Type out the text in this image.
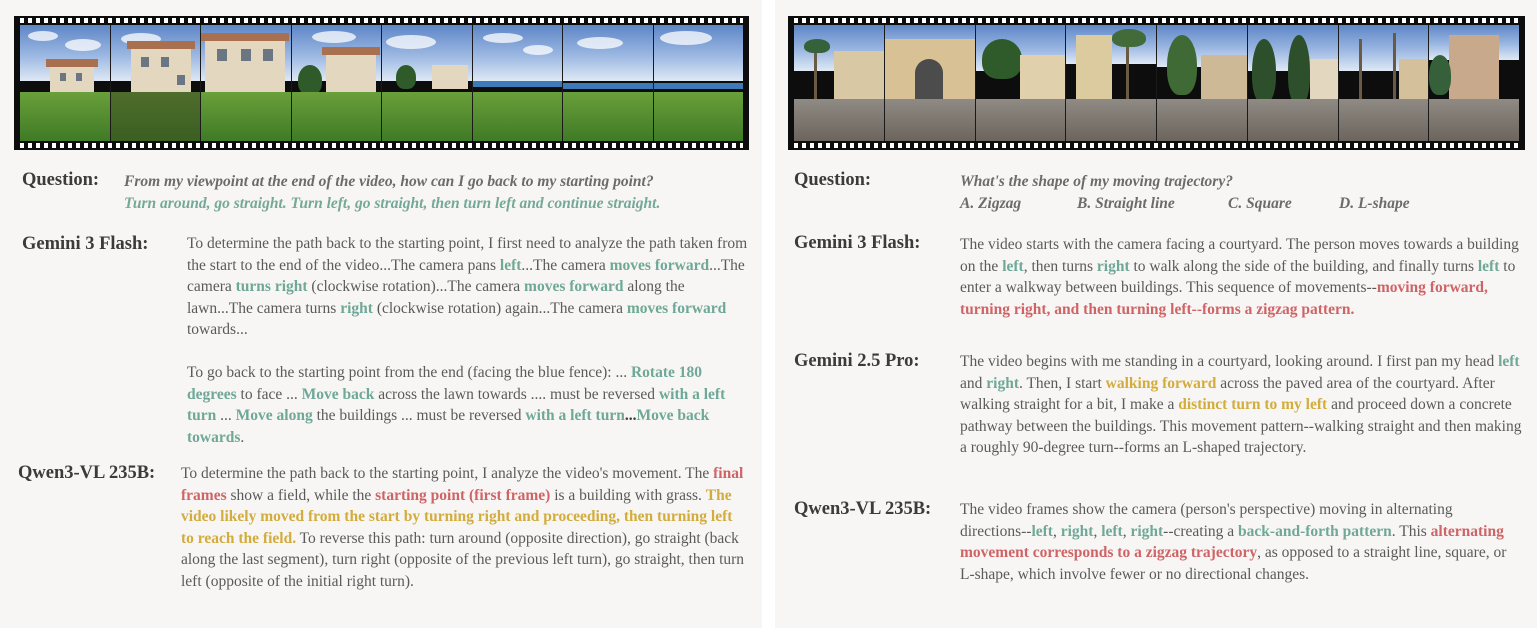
Question: From my viewpoint at the end of the video, how can I go back to my starting point?
Turn around, go straight. Turn left, go straight, then turn left and continue straight.
Gemini 3 Flash: To determine the path back to the starting point, I first need to analyze the path taken from the start to the end of the video...The camera pans left...The camera moves forward...The camera turns right (clockwise rotation)...The camera moves forward along the lawn...The camera turns right (clockwise rotation) again...The camera moves forward towards...

To go back to the starting point from the end (facing the blue fence): ... Rotate 180 degrees to face ... Move back across the lawn towards .... must be reversed with a left turn ... Move along the buildings ... must be reversed with a left turn...Move back towards.

Qwen3-VL 235B: To determine the path back to the starting point, I analyze the video's movement. The final frames show a field, while the starting point (first frame) is a building with grass. The video likely moved from the start by turning right and proceeding, then turning left to reach the field. To reverse this path: turn around (opposite direction), go straight (back along the last segment), turn right (opposite of the previous left turn), go straight, then turn left (opposite of the initial right turn).

Question:	What's the shape of my moving trajectory?
A. Zigzag	B. Straight line	C. Square	D. L-shape
Gemini 3 Flash:	The video starts with the camera facing a courtyard. The person moves towards a building on the left, then turns right to walk along the side of the building, and finally turns left to enter a walkway between buildings. This sequence of movements--moving forward, turning right, and then turning left--forms a zigzag pattern.

Gemini 2.5 Pro:	The video begins with me standing in a courtyard, looking around. I first pan my head left and right. Then, I start walking forward across the paved area of the courtyard. After walking straight for a bit, I make a distinct turn to my left and proceed down a concrete pathway between the buildings. This movement pattern--walking straight and then making a roughly 90-degree turn--forms an L-shaped trajectory.

Qwen3-VL 235B: The video frames show the camera (person's perspective) moving in alternating directions--left, right, left, right--creating a back-and-forth pattern. This alternating movement corresponds to a zigzag trajectory, as opposed to a straight line, square, or L-shape, which involve fewer or no directional changes.
